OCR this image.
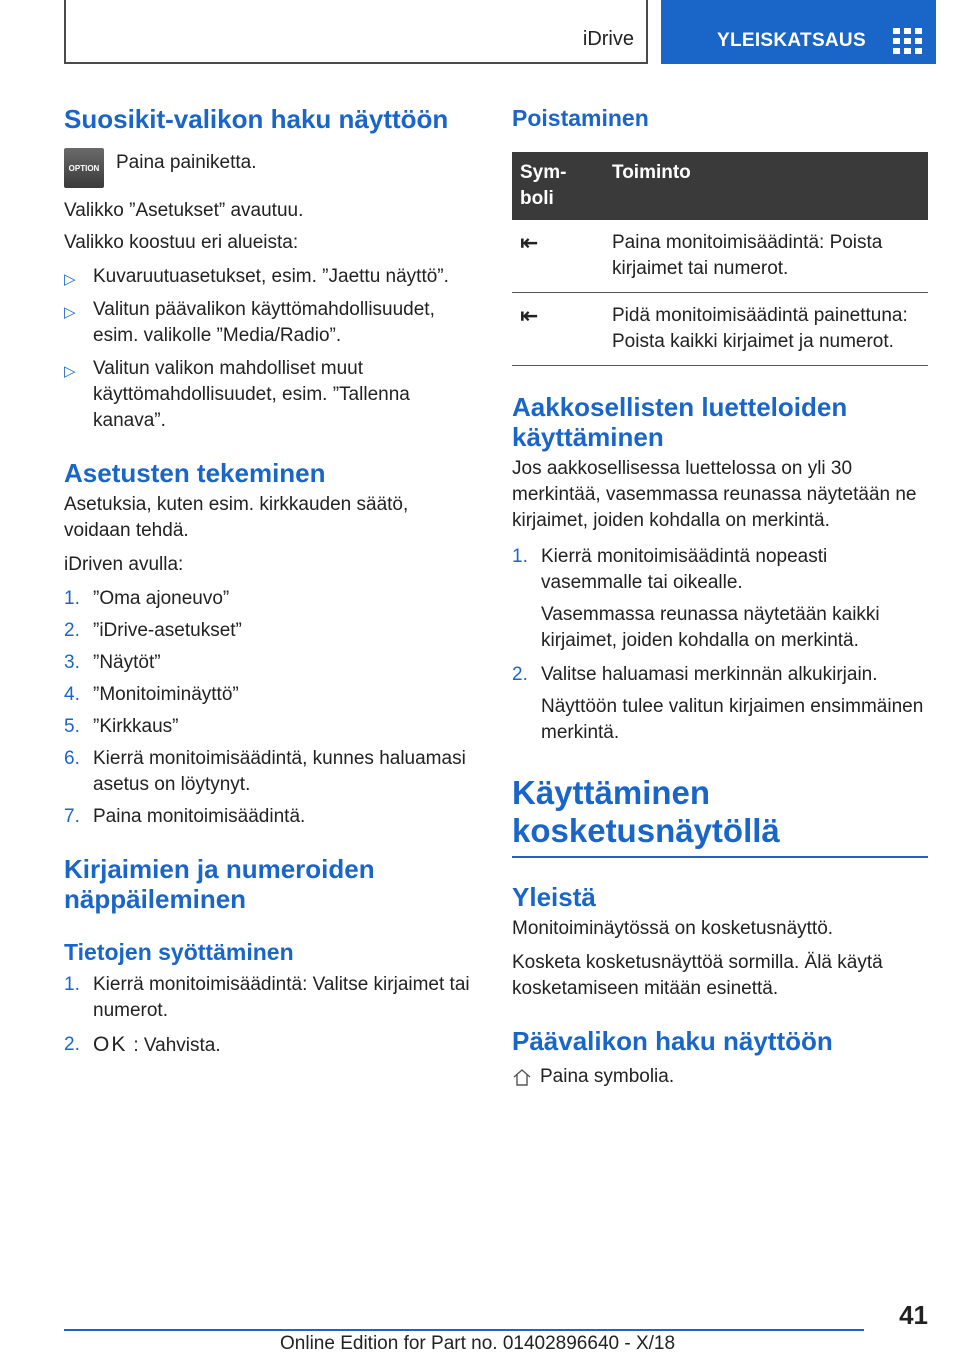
iDrive	YLEISKATSAUS
Suosikit-valikon haku näyttöön
OPTION Paina painiketta.

Valikko ”Asetukset” avautuu.

Valikko koostuu eri alueista:

▷ Kuvaruutuasetukset, esim. ”Jaettu näyttö”.
▷ Valitun päävalikon käyttömahdollisuudet, esim. valikolle ”Media/Radio”.
▷ Valitun valikon mahdolliset muut käyttömahdollisuudet, esim. ”Tallenna kanava”.
Asetusten tekeminen

Asetuksia, kuten esim. kirkkauden säätö, voidaan tehdä.

iDriven avulla:

1. ”Oma ajoneuvo”
2. ”iDrive-asetukset”
3. ”Näytöt”
4. ”Monitoiminäyttö”
5. ”Kirkkaus”
6. Kierrä monitoimisäädintä, kunnes haluamasi asetus on löytynyt.
7. Paina monitoimisäädintä.
Kirjaimien ja numeroiden näppäileminen
Tietojen syöttäminen
1. Kierrä monitoimisäädintä: Valitse kirjaimet tai numerot.
2. OK : Vahvista.
Poistaminen
Sym-boli	Toiminto
⇤	Paina monitoimisäädintä: Poista kirjaimet tai numerot.
⇤	Pidä monitoimisäädintä painettuna: Poista kaikki kirjaimet ja numerot.
Aakkosellisten luetteloiden käyttäminen

Jos aakkosellisessa luettelossa on yli 30 merkintää, vasemmassa reunassa näytetään ne kirjaimet, joiden kohdalla on merkintä.

1. Kierrä monitoimisäädintä nopeasti vasemmalle tai oikealle.

Vasemmassa reunassa näytetään kaikki kirjaimet, joiden kohdalla on merkintä.

2. Valitse haluamasi merkinnän alkukirjain.

Näyttöön tulee valitun kirjaimen ensimmäinen merkintä.

Käyttäminen kosketusnäytöllä
Yleistä

Monitoiminäytössä on kosketusnäyttö.

Kosketa kosketusnäyttöä sormilla. Älä käytä kosketamiseen mitään esinettä.

Päävalikon haku näyttöön

Paina symbolia.

41
Online Edition for Part no. 01402896640 - X/18
